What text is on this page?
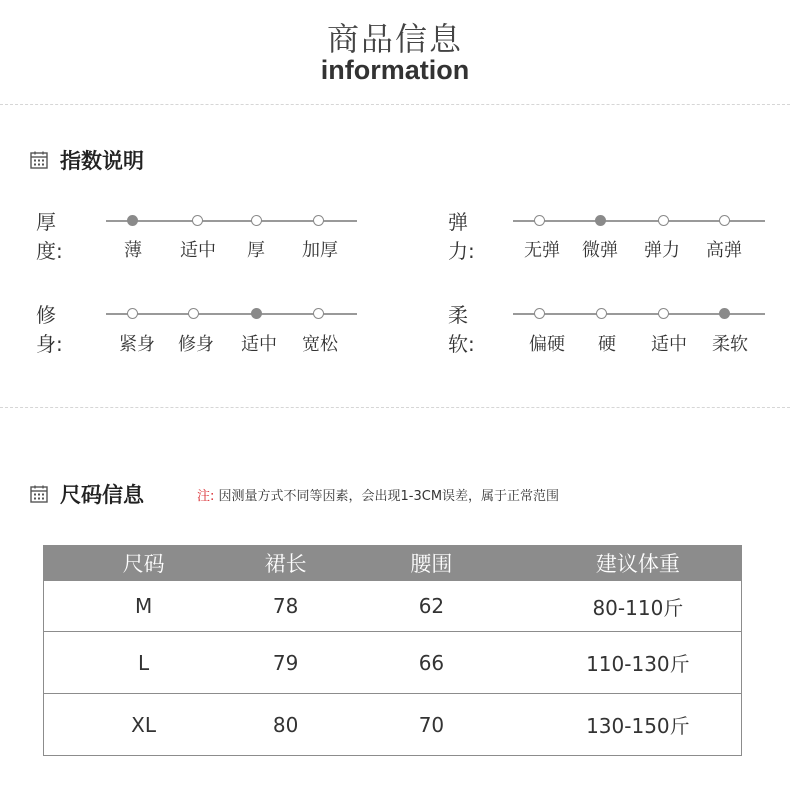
商品信息
information
指数说明
厚度:	薄 适中 厚 加厚
弹力:	无弹 微弹 弹力 高弹
修身:	紧身 修身 适中 宽松
柔软:	偏硬 硬 适中 柔软
尺码信息	注: 因测量方式不同等因素，会出现1-3CM误差，属于正常范围
尺码	裙长	腰围	建议体重
M	78	62	80-110斤
L	79	66	110-130斤
XL	80	70	130-150斤
